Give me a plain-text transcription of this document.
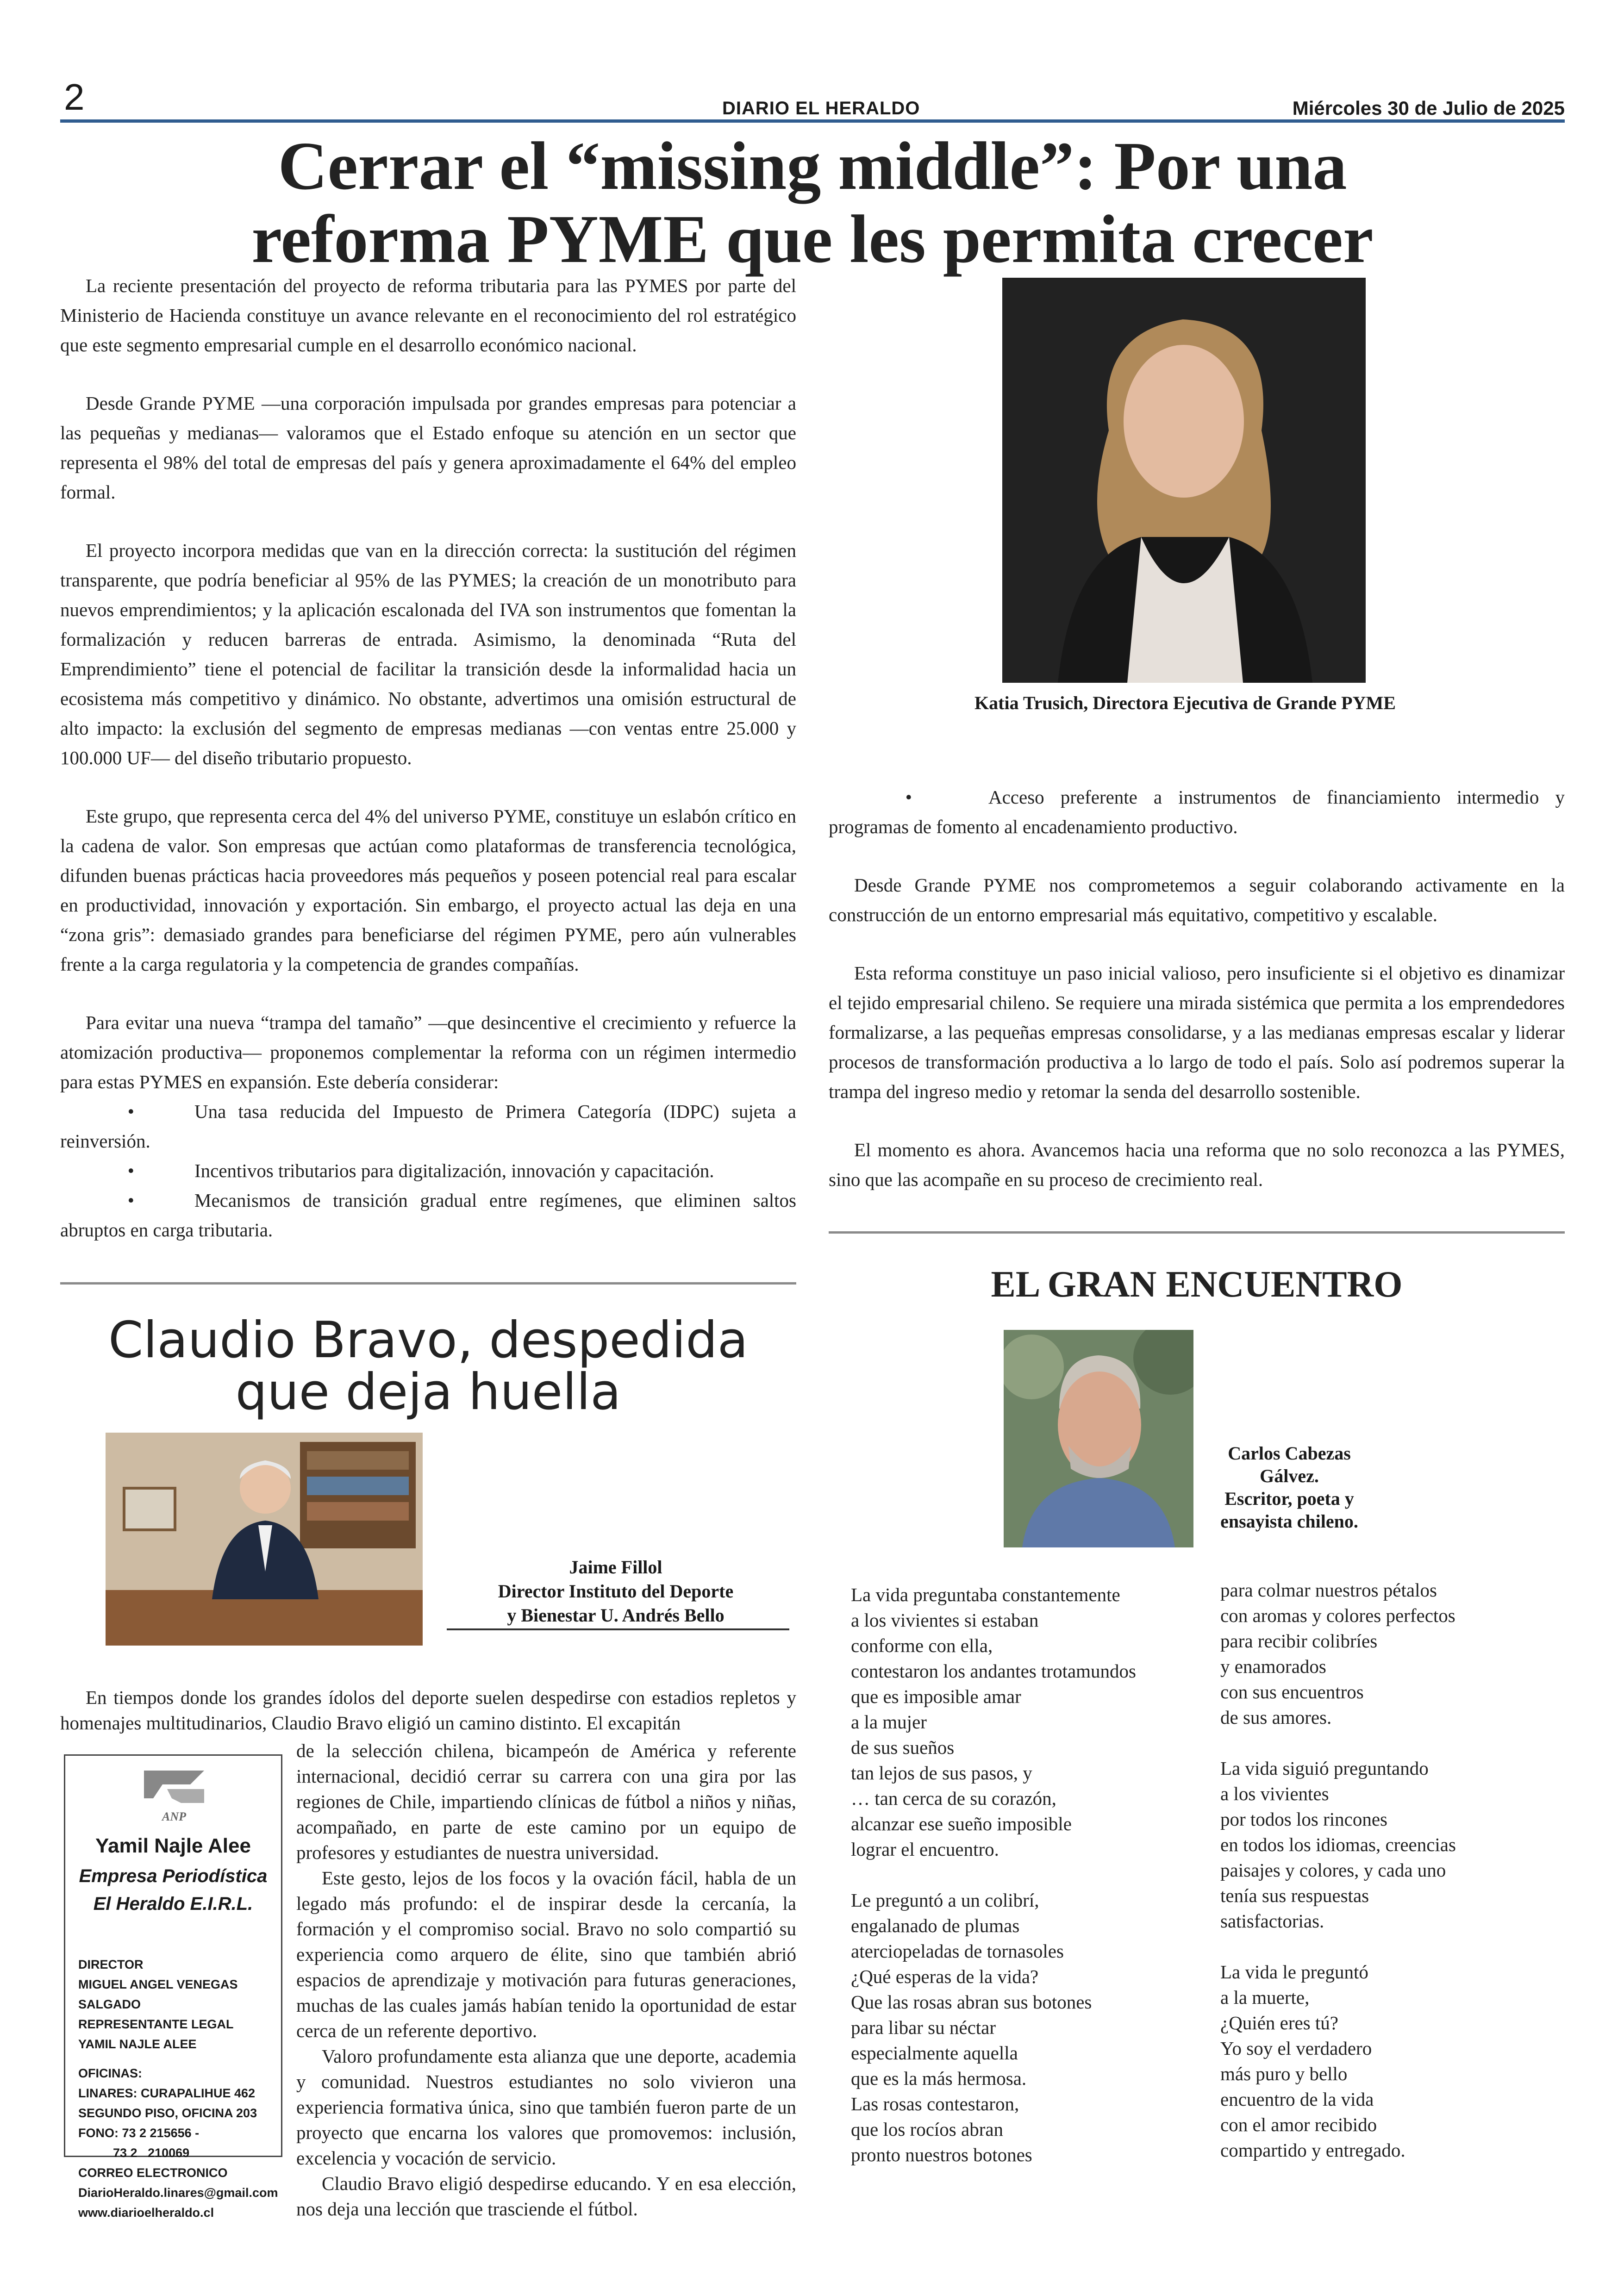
2	DIARIO EL HERALDO	Miércoles 30 de Julio de 2025
Cerrar el “missing middle”: Por una
reforma PYME que les permita crecer

La reciente presentación del proyecto de reforma tributaria para las PYMES por parte del Ministerio de Hacienda constituye un avance relevante en el reconocimiento del rol estratégico que este segmento empresarial cumple en el desarrollo económico nacional.

Desde Grande PYME —una corporación impulsada por grandes empresas para potenciar a las pequeñas y medianas— valoramos que el Estado enfoque su atención en un sector que representa el 98% del total de empresas del país y genera aproximadamente el 64% del empleo formal.

El proyecto incorpora medidas que van en la dirección correcta: la sustitución del régimen transparente, que podría beneficiar al 95% de las PYMES; la creación de un monotributo para nuevos emprendimientos; y la aplicación escalonada del IVA son instrumentos que fomentan la formalización y reducen barreras de entrada. Asimismo, la denominada “Ruta del Emprendimiento” tiene el potencial de facilitar la transición desde la informalidad hacia un ecosistema más competitivo y dinámico. No obstante, advertimos una omisión estructural de alto impacto: la exclusión del segmento de empresas medianas —con ventas entre 25.000 y 100.000 UF— del diseño tributario propuesto.

Este grupo, que representa cerca del 4% del universo PYME, constituye un eslabón crítico en la cadena de valor. Son empresas que actúan como plataformas de transferencia tecnológica, difunden buenas prácticas hacia proveedores más pequeños y poseen potencial real para escalar en productividad, innovación y exportación. Sin embargo, el proyecto actual las deja en una “zona gris”: demasiado grandes para beneficiarse del régimen PYME, pero aún vulnerables frente a la carga regulatoria y la competencia de grandes compañías.

Para evitar una nueva “trampa del tamaño” —que desincentive el crecimiento y refuerce la atomización productiva— proponemos complementar la reforma con un régimen intermedio para estas PYMES en expansión. Este debería considerar:

•	Una tasa reducida del Impuesto de Primera Categoría (IDPC) sujeta a reinversión.
•	Incentivos tributarios para digitalización, innovación y capacitación.
•	Mecanismos de transición gradual entre regímenes, que eliminen saltos abruptos en carga tributaria.
Katia Trusich, Directora Ejecutiva de Grande PYME

•	Acceso preferente a instrumentos de financiamiento intermedio y programas de fomento al encadenamiento productivo.

Desde Grande PYME nos comprometemos a seguir colaborando activamente en la construcción de un entorno empresarial más equitativo, competitivo y escalable.

Esta reforma constituye un paso inicial valioso, pero insuficiente si el objetivo es dinamizar el tejido empresarial chileno. Se requiere una mirada sistémica que permita a los emprendedores formalizarse, a las pequeñas empresas consolidarse, y a las medianas empresas escalar y liderar procesos de transformación productiva a lo largo de todo el país. Solo así podremos superar la trampa del ingreso medio y retomar la senda del desarrollo sostenible.

El momento es ahora. Avancemos hacia una reforma que no solo reconozca a las PYMES, sino que las acompañe en su proceso de crecimiento real.

Claudio Bravo, despedida
que deja huella
Jaime Fillol
Director Instituto del Deporte
y Bienestar U. Andrés Bello

En tiempos donde los grandes ídolos del deporte suelen despedirse con estadios repletos y homenajes multitudinarios, Claudio Bravo eligió un camino distinto. El excapitán

de la selección chilena, bicampeón de América y referente internacional, decidió cerrar su carrera con una gira por las regiones de Chile, impartiendo clínicas de fútbol a niños y niñas, acompañado, en parte de este camino por un equipo de profesores y estudiantes de nuestra universidad.

Este gesto, lejos de los focos y la ovación fácil, habla de un legado más profundo: el de inspirar desde la cercanía, la formación y el compromiso social. Bravo no solo compartió su experiencia como arquero de élite, sino que también abrió espacios de aprendizaje y motivación para futuras generaciones, muchas de las cuales jamás habían tenido la oportunidad de estar cerca de un referente deportivo.

Valoro profundamente esta alianza que une deporte, academia y comunidad. Nuestros estudiantes no solo vivieron una experiencia formativa única, sino que también fueron parte de un proyecto que encarna los valores que promovemos: inclusión, excelencia y vocación de servicio.

Claudio Bravo eligió despedirse educando. Y en esa elección, nos deja una lección que trasciende el fútbol.

ANP
Yamil Najle Alee
Empresa Periodística
El Heraldo E.I.R.L.
DIRECTOR
MIGUEL ANGEL VENEGAS SALGADO
REPRESENTANTE LEGAL
YAMIL NAJLE ALEE
OFICINAS:
LINARES: CURAPALIHUE 462
SEGUNDO PISO, OFICINA 203
FONO: 73 2 215656 -
73 2   210069
CORREO ELECTRONICO
DiarioHeraldo.linares@gmail.com
www.diarioelheraldo.cl
EL GRAN ENCUENTRO
Carlos Cabezas
Gálvez.
Escritor, poeta y
ensayista chileno.
La vida preguntaba constantemente
a los vivientes si estaban
conforme con ella,
contestaron los andantes trotamundos
que es imposible amar
a la mujer
de sus sueños
tan lejos de sus pasos, y
… tan cerca de su corazón,
alcanzar ese sueño imposible
lograr el encuentro.

Le preguntó a un colibrí,
engalanado de plumas
aterciopeladas de tornasoles
¿Qué esperas de la vida?
Que las rosas abran sus botones
para libar su néctar
especialmente aquella
que es la más hermosa.
Las rosas contestaron,
que los rocíos abran
pronto nuestros botones
para colmar nuestros pétalos
con aromas y colores perfectos
para recibir colibríes
y enamorados
con sus encuentros
de sus amores.

La vida siguió preguntando
a los vivientes
por todos los rincones
en todos los idiomas, creencias
paisajes y colores, y cada uno
tenía sus respuestas
satisfactorias.

La vida le preguntó
a la muerte,
¿Quién eres tú?
Yo soy el verdadero
más puro y bello
encuentro de la vida
con el amor recibido
compartido y entregado.
